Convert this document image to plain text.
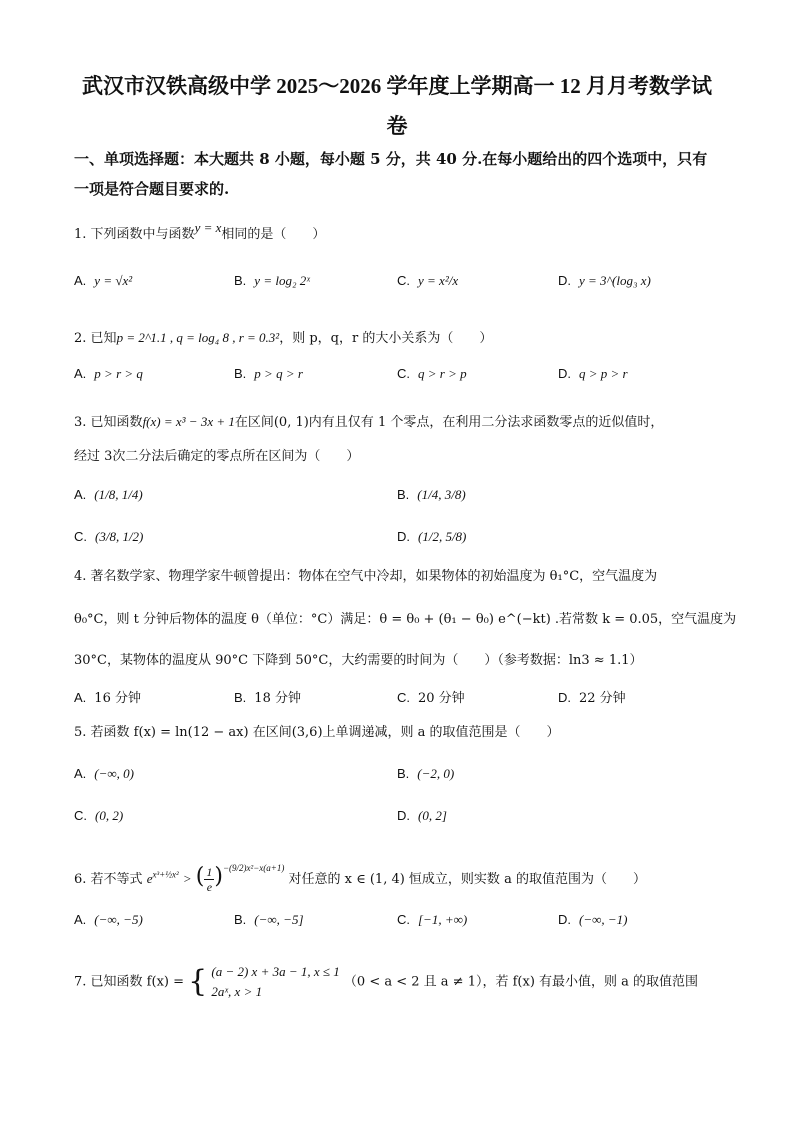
武汉市汉铁高级中学 2025～2026 学年度上学期高一 12 月月考数学试
卷
一、单项选择题：本大题共 8 小题，每小题 5 分，共 40 分.在每小题给出的四个选项中，只有
一项是符合题目要求的.
1. 下列函数中与函数y = x相同的是（　　）
A. y = √x²	B. y = log₂ 2ˣ	C. y = x²/x	D. y = 3^(log₃ x)
2. 已知p = 2^1.1 , q = log₄ 8 , r = 0.3²，则 p，q，r 的大小关系为（　　）
A. p > r > q	B. p > q > r	C. q > r > p	D. q > p > r
3. 已知函数f(x) = x³ − 3x + 1在区间(0, 1)内有且仅有 1 个零点，在利用二分法求函数零点的近似值时，
经过 3次二分法后确定的零点所在区间为（　　）
A. (1/8, 1/4)	B. (1/4, 3/8)
C. (3/8, 1/2)	D. (1/2, 5/8)
4. 著名数学家、物理学家牛顿曾提出：物体在空气中冷却，如果物体的初始温度为 θ₁°C，空气温度为
θ₀°C，则 t 分钟后物体的温度 θ（单位：°C）满足：θ = θ₀ + (θ₁ − θ₀) e^(−kt) .若常数 k = 0.05，空气温度为
30°C，某物体的温度从 90°C 下降到 50°C，大约需要的时间为（　　）（参考数据：ln3 ≈ 1.1）
A. 16 分钟	B. 18 分钟	C. 20 分钟	D. 22 分钟
5. 若函数 f(x) = ln(12 − ax) 在区间(3,6)上单调递减，则 a 的取值范围是（　　）
A. (−∞, 0)	B. (−2, 0)
C. (0, 2)	D. (0, 2]
6. 若不等式 $e^{x^3+\frac{1}{2}x^2}$ > ( $\frac{1}{e} )^{-(9/2)x^2-x(a+1)}$ 对任意的 x ∈ (1, 4) 恒成立，则实数 a 的取值范围为（　　）
A. (−∞, −5)	B. (−∞, −5]	C. [−1, +∞)	D. (−∞, −1)
7. 已知函数 f(x) = { (a − 2) x + 3a − 1, x ≤ 1
2aˣ, x > 1
（0 < a < 2 且 a ≠ 1），若 f(x) 有最小值，则 a 的取值范围
